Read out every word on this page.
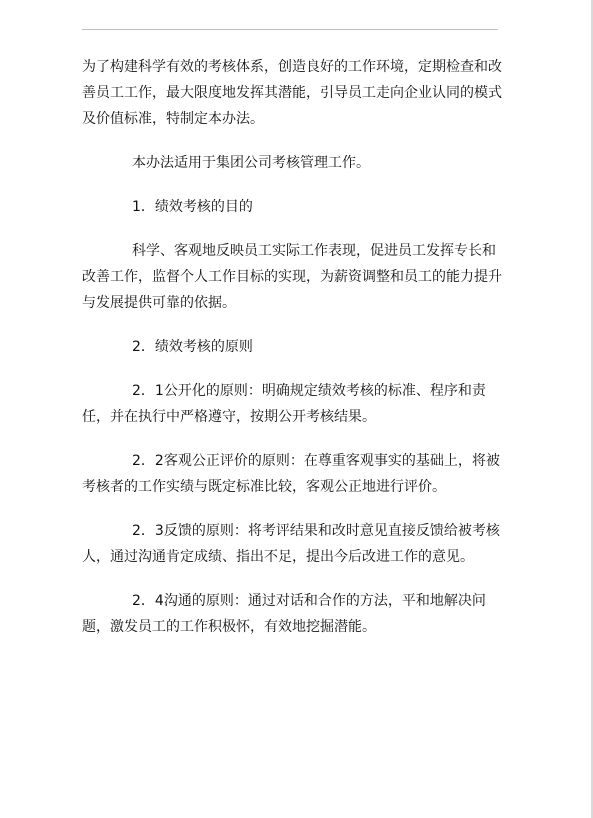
为了构建科学有效的考核体系，创造良好的工作环境，定期检查和改善员工工作，最大限度地发挥其潜能，引导员工走向企业认同的模式及价值标准，特制定本办法。

本办法适用于集团公司考核管理工作。

1．绩效考核的目的

科学、客观地反映员工实际工作表现，促进员工发挥专长和改善工作，监督个人工作目标的实现，为薪资调整和员工的能力提升与发展提供可靠的依据。

2．绩效考核的原则

2．1公开化的原则：明确规定绩效考核的标准、程序和责任，并在执行中严格遵守，按期公开考核结果。

2．2客观公正评价的原则：在尊重客观事实的基础上，将被考核者的工作实绩与既定标准比较，客观公正地进行评价。

2．3反馈的原则：将考评结果和改时意见直接反馈给被考核人，通过沟通肯定成绩、指出不足，提出今后改进工作的意见。

2．4沟通的原则：通过对话和合作的方法，平和地解决问题，激发员工的工作积极怀，有效地挖掘潜能。
